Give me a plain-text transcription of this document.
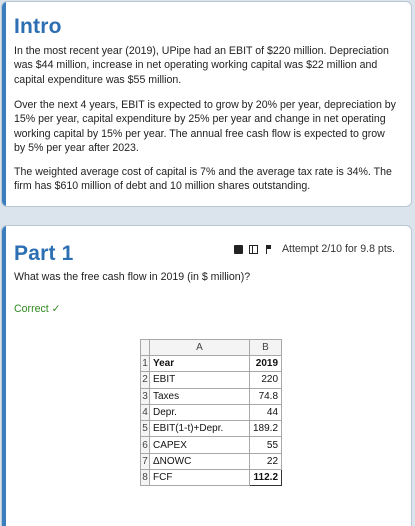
Intro
In the most recent year (2019), UPipe had an EBIT of $220 million. Depreciation was $44 million, increase in net operating working capital was $22 million and capital expenditure was $55 million.
Over the next 4 years, EBIT is expected to grow by 20% per year, depreciation by 15% per year, capital expenditure by 25% per year and change in net operating working capital by 15% per year. The annual free cash flow is expected to grow by 5% per year after 2023.
The weighted average cost of capital is 7% and the average tax rate is 34%. The firm has $610 million of debt and 10 million shares outstanding.
Part 1	Attempt 2/10 for 9.8 pts.
What was the free cash flow in 2019 (in $ million)?
Correct ✓
	A	B
1	Year	2019
2	EBIT	220
3	Taxes	74.8
4	Depr.	44
5	EBIT(1-t)+Depr.	189.2
6	CAPEX	55
7	ΔNOWC	22
8	FCF	112.2
